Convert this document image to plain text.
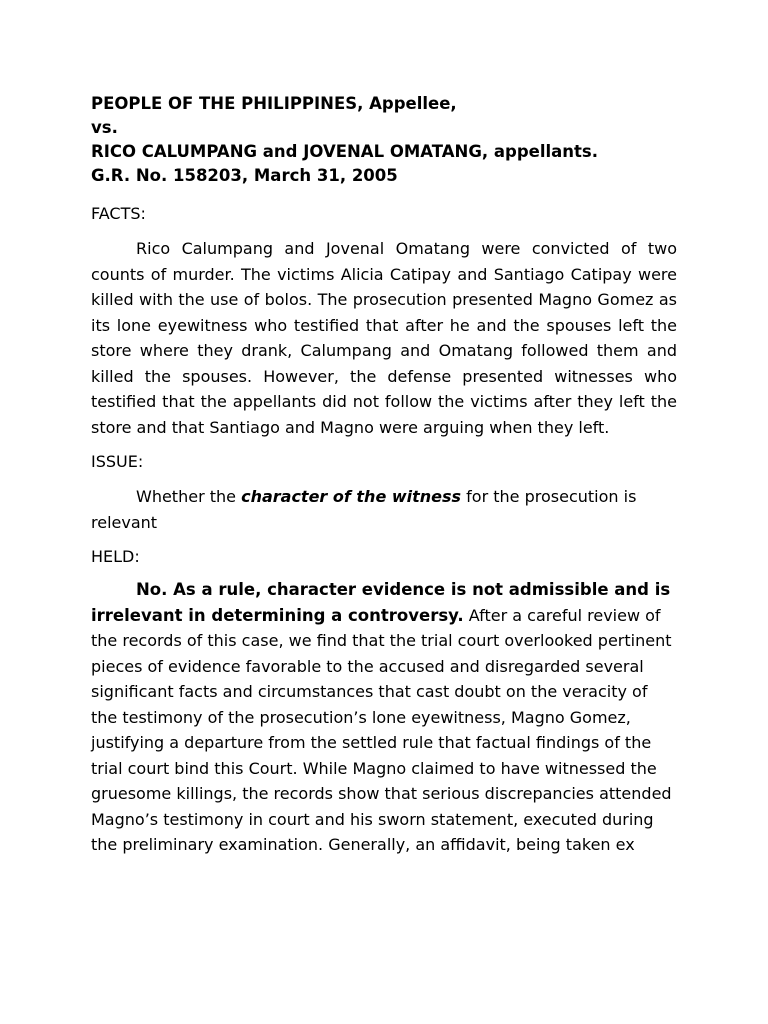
PEOPLE OF THE PHILIPPINES, Appellee,
vs.
RICO CALUMPANG and JOVENAL OMATANG, appellants.
G.R. No. 158203, March 31, 2005

FACTS:

Rico Calumpang and Jovenal Omatang were convicted of two counts of murder. The victims Alicia Catipay and Santiago Catipay were killed with the use of bolos. The prosecution presented Magno Gomez as its lone eyewitness who testified that after he and the spouses left the store where they drank, Calumpang and Omatang followed them and killed the spouses. However, the defense presented witnesses who testified that the appellants did not follow the victims after they left the store and that Santiago and Magno were arguing when they left.

ISSUE:

Whether the character of the witness for the prosecution is relevant

HELD:

No. As a rule, character evidence is not admissible and is irrelevant in determining a controversy. After a careful review of the records of this case, we find that the trial court overlooked pertinent pieces of evidence favorable to the accused and disregarded several significant facts and circumstances that cast doubt on the veracity of the testimony of the prosecution’s lone eyewitness, Magno Gomez, justifying a departure from the settled rule that factual findings of the trial court bind this Court. While Magno claimed to have witnessed the gruesome killings, the records show that serious discrepancies attended Magno’s testimony in court and his sworn statement, executed during the preliminary examination. Generally, an affidavit, being taken ex
